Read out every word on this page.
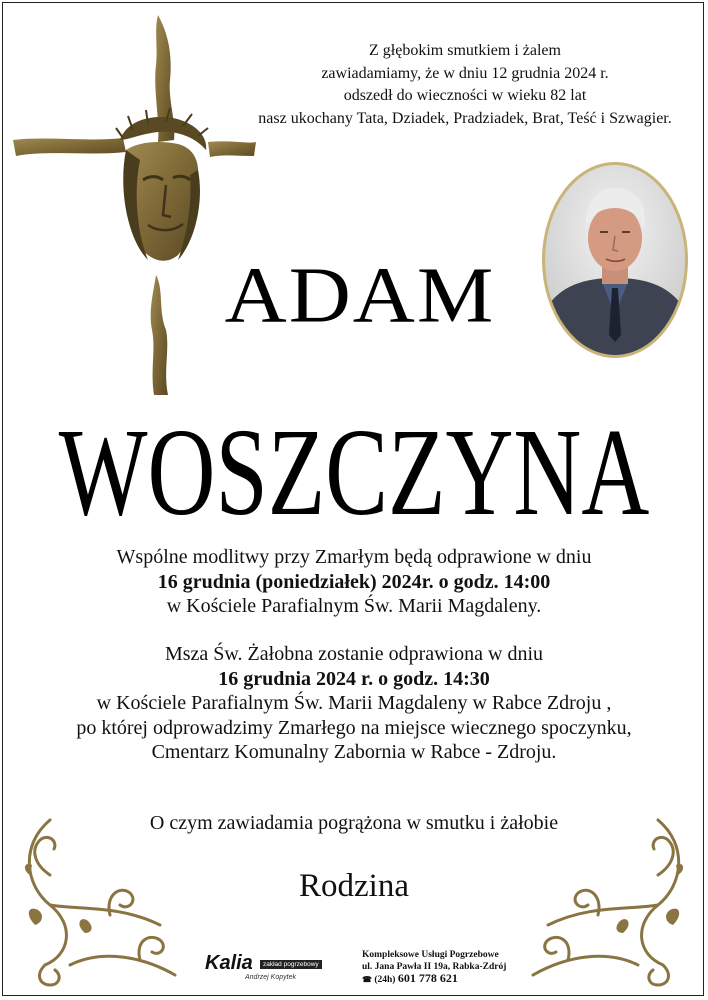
Z głębokim smutkiem i żalem
zawiadamiamy, że w dniu 12 grudnia 2024 r.
odszedł do wieczności w wieku 82 lat
nasz ukochany Tata, Dziadek, Pradziadek, Brat, Teść i Szwagier.
ADAM
WOSZCZYNA
Wspólne modlitwy przy Zmarłym będą odprawione w dniu
16 grudnia (poniedziałek) 2024r. o godz. 14:00
w Kościele Parafialnym Św. Marii Magdaleny.
Msza Św. Żałobna zostanie odprawiona w dniu
16 grudnia 2024 r. o godz. 14:30
w Kościele Parafialnym Św. Marii Magdaleny w Rabce Zdroju ,
po której odprowadzimy Zmarłego na miejsce wiecznego spoczynku,
Cmentarz Komunalny Zabornia w Rabce - Zdroju.
O czym zawiadamia pogrążona w smutku i żałobie
Rodzina
Kalia	zakład pogrzebowy
Andrzej Kopytek
Kompleksowe Usługi Pogrzebowe
ul. Jana Pawła II 19a, Rabka-Zdrój
☎ (24h) 601 778 621
